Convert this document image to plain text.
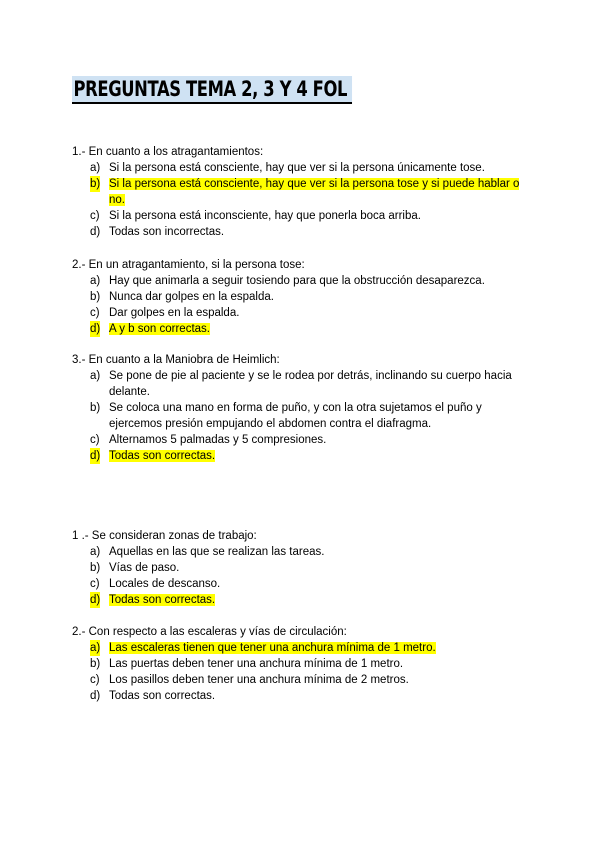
PREGUNTAS TEMA 2, 3 Y 4 FOL

1.- En cuanto a los atragantamientos:

a) Si la persona está consciente, hay que ver si la persona únicamente tose.
b) Si la persona está consciente, hay que ver si la persona tose y si puede hablar o no.
c) Si la persona está inconsciente, hay que ponerla boca arriba.
d) Todas son incorrectas.

2.- En un atragantamiento, si la persona tose:

a) Hay que animarla a seguir tosiendo para que la obstrucción desaparezca.
b) Nunca dar golpes en la espalda.
c) Dar golpes en la espalda.
d) A y b son correctas.

3.- En cuanto a la Maniobra de Heimlich:

a) Se pone de pie al paciente y se le rodea por detrás, inclinando su cuerpo hacia delante.
b) Se coloca una mano en forma de puño, y con la otra sujetamos el puño y ejercemos presión empujando el abdomen contra el diafragma.
c) Alternamos 5 palmadas y 5 compresiones.
d) Todas son correctas.

1 .- Se consideran zonas de trabajo:

a) Aquellas en las que se realizan las tareas.
b) Vías de paso.
c) Locales de descanso.
d) Todas son correctas.

2.- Con respecto a las escaleras y vías de circulación:

a) Las escaleras tienen que tener una anchura mínima de 1 metro.
b) Las puertas deben tener una anchura mínima de 1 metro.
c) Los pasillos deben tener una anchura mínima de 2 metros.
d) Todas son correctas.
